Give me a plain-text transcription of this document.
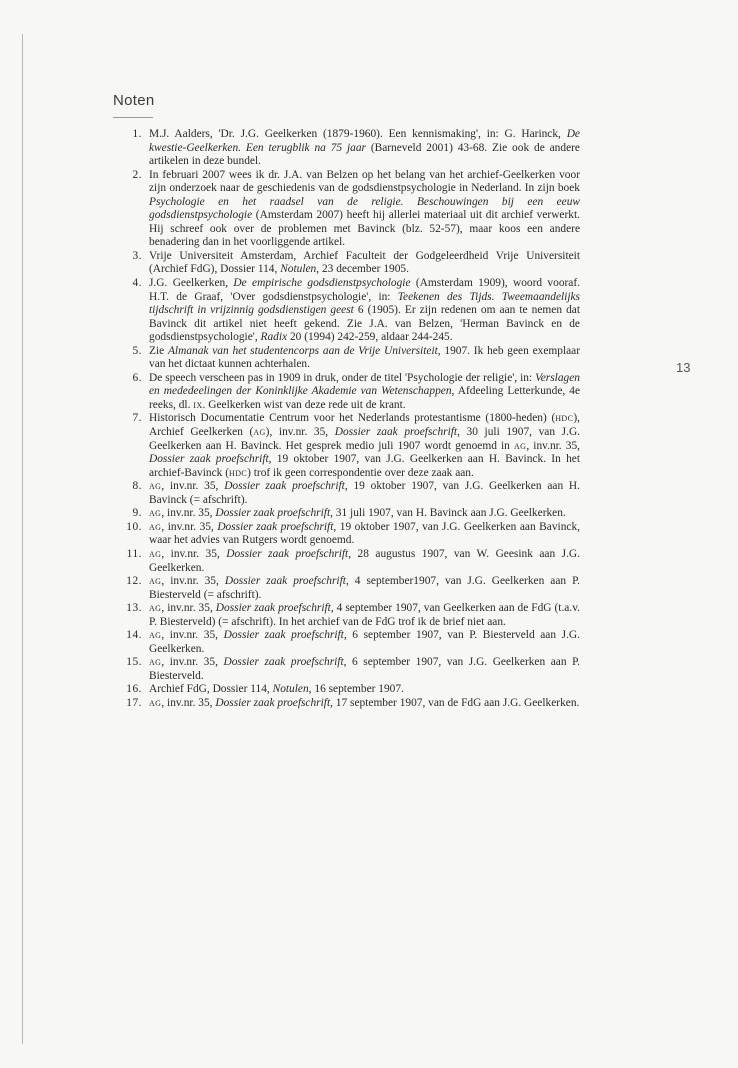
Noten
13
1. M.J. Aalders, 'Dr. J.G. Geelkerken (1879-1960). Een kennismaking', in: G. Harinck, De kwestie-Geelkerken. Een terugblik na 75 jaar (Barneveld 2001) 43-68. Zie ook de andere artikelen in deze bundel.
2. In februari 2007 wees ik dr. J.A. van Belzen op het belang van het archief-Geelkerken voor zijn onderzoek naar de geschiedenis van de godsdienstpsychologie in Nederland. In zijn boek Psychologie en het raadsel van de religie. Beschouwingen bij een eeuw godsdienstpsychologie (Amsterdam 2007) heeft hij allerlei materiaal uit dit archief verwerkt. Hij schreef ook over de problemen met Bavinck (blz. 52-57), maar koos een andere benadering dan in het voorliggende artikel.
3. Vrije Universiteit Amsterdam, Archief Faculteit der Godgeleerdheid Vrije Universiteit (Archief FdG), Dossier 114, Notulen, 23 december 1905.
4. J.G. Geelkerken, De empirische godsdienstpsychologie (Amsterdam 1909), woord vooraf. H.T. de Graaf, 'Over godsdienstpsychologie', in: Teekenen des Tijds. Tweemaandelijks tijdschrift in vrijzinnig godsdienstigen geest 6 (1905). Er zijn redenen om aan te nemen dat Bavinck dit artikel niet heeft gekend. Zie J.A. van Belzen, 'Herman Bavinck en de godsdienstpsychologie', Radix 20 (1994) 242-259, aldaar 244-245.
5. Zie Almanak van het studentencorps aan de Vrije Universiteit, 1907. Ik heb geen exemplaar van het dictaat kunnen achterhalen.
6. De speech verscheen pas in 1909 in druk, onder de titel 'Psychologie der religie', in: Verslagen en mededeelingen der Koninklijke Akademie van Wetenschappen, Afdeeling Letterkunde, 4e reeks, dl. ix. Geelkerken wist van deze rede uit de krant.
7. Historisch Documentatie Centrum voor het Nederlands protestantisme (1800-heden) (hdc), Archief Geelkerken (ag), inv.nr. 35, Dossier zaak proefschrift, 30 juli 1907, van J.G. Geelkerken aan H. Bavinck. Het gesprek medio juli 1907 wordt genoemd in ag, inv.nr. 35, Dossier zaak proefschrift, 19 oktober 1907, van J.G. Geelkerken aan H. Bavinck. In het archief-Bavinck (hdc) trof ik geen correspondentie over deze zaak aan.
8. ag, inv.nr. 35, Dossier zaak proefschrift, 19 oktober 1907, van J.G. Geelkerken aan H. Bavinck (= afschrift).
9. ag, inv.nr. 35, Dossier zaak proefschrift, 31 juli 1907, van H. Bavinck aan J.G. Geelkerken.
10. ag, inv.nr. 35, Dossier zaak proefschrift, 19 oktober 1907, van J.G. Geelkerken aan Bavinck, waar het advies van Rutgers wordt genoemd.
11. ag, inv.nr. 35, Dossier zaak proefschrift, 28 augustus 1907, van W. Geesink aan J.G. Geelkerken.
12. ag, inv.nr. 35, Dossier zaak proefschrift, 4 september1907, van J.G. Geelkerken aan P. Biesterveld (= afschrift).
13. ag, inv.nr. 35, Dossier zaak proefschrift, 4 september 1907, van Geelkerken aan de FdG (t.a.v. P. Biesterveld) (= afschrift). In het archief van de FdG trof ik de brief niet aan.
14. ag, inv.nr. 35, Dossier zaak proefschrift, 6 september 1907, van P. Biesterveld aan J.G. Geelkerken.
15. ag, inv.nr. 35, Dossier zaak proefschrift, 6 september 1907, van J.G. Geelkerken aan P. Biesterveld.
16. Archief FdG, Dossier 114, Notulen, 16 september 1907.
17. ag, inv.nr. 35, Dossier zaak proefschrift, 17 september 1907, van de FdG aan J.G. Geelkerken.
